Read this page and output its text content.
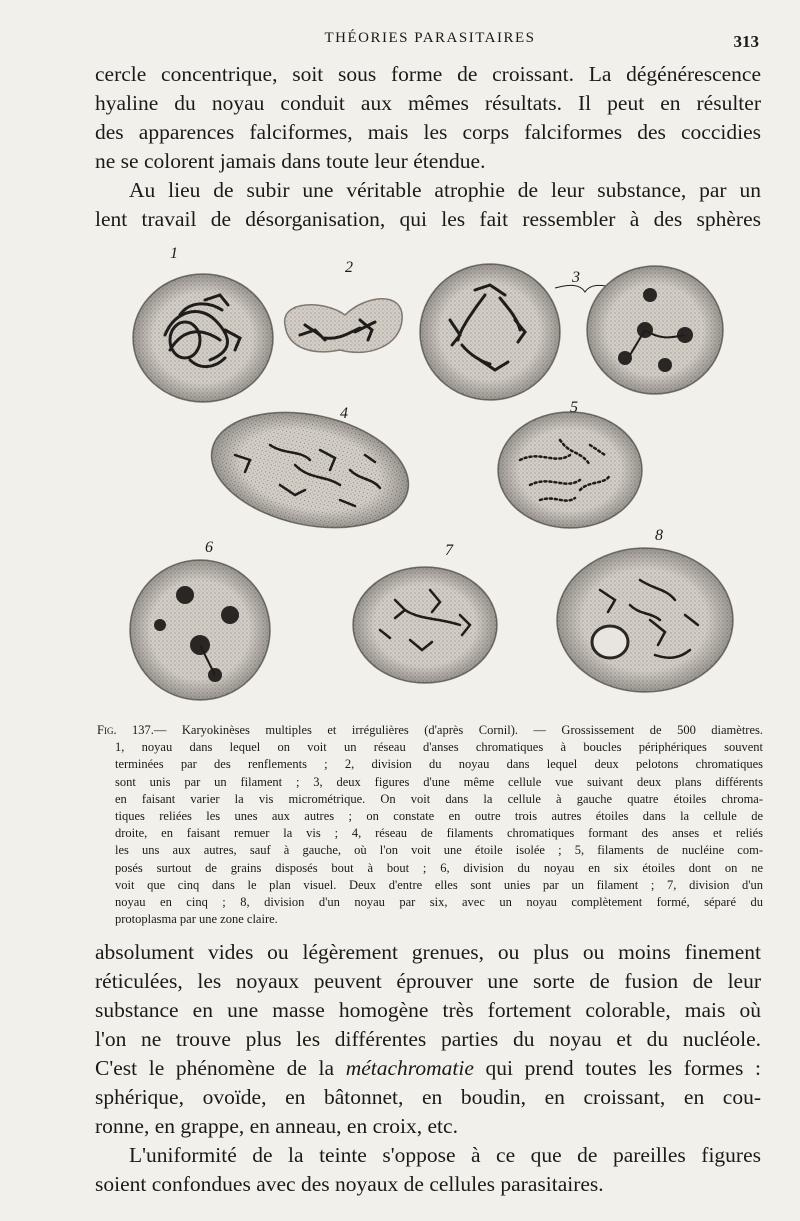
THÉORIES PARASITAIRES	313

cercle concentrique, soit sous forme de croissant. La dégénérescence
hyaline du noyau conduit aux mêmes résultats. Il peut en résulter
des apparences falciformes, mais les corps falciformes des coccidies
ne se colorent jamais dans toute leur étendue.

Au lieu de subir une véritable atrophie de leur substance, par un
lent travail de désorganisation, qui les fait ressembler à des sphères

1
2
3
4	5
6	7
8
Fig. 137.— Karyokinèses multiples et irrégulières (d'après Cornil). — Grossissement de 500 diamètres.
1, noyau dans lequel on voit un réseau d'anses chromatiques à boucles périphériques souvent
terminées par des renflements ; 2, division du noyau dans lequel deux pelotons chromatiques
sont unis par un filament ; 3, deux figures d'une même cellule vue suivant deux plans différents
en faisant varier la vis micrométrique. On voit dans la cellule à gauche quatre étoiles chroma-
tiques reliées les unes aux autres ; on constate en outre trois autres étoiles dans la cellule de
droite, en faisant remuer la vis ; 4, réseau de filaments chromatiques formant des anses et reliés
les uns aux autres, sauf à gauche, où l'on voit une étoile isolée ; 5, filaments de nucléine com-
posés surtout de grains disposés bout à bout ; 6, division du noyau en six étoiles dont on ne
voit que cinq dans le plan visuel. Deux d'entre elles sont unies par un filament ; 7, division d'un
noyau en cinq ; 8, division d'un noyau par six, avec un noyau complètement formé, séparé du
protoplasma par une zone claire.

absolument vides ou légèrement grenues, ou plus ou moins finement
réticulées, les noyaux peuvent éprouver une sorte de fusion de leur
substance en une masse homogène très fortement colorable, mais où
l'on ne trouve plus les différentes parties du noyau et du nucléole.
C'est le phénomène de la métachromatie qui prend toutes les formes :
sphérique, ovoïde, en bâtonnet, en boudin, en croissant, en cou-
ronne, en grappe, en anneau, en croix, etc.

L'uniformité de la teinte s'oppose à ce que de pareilles figures
soient confondues avec des noyaux de cellules parasitaires.
